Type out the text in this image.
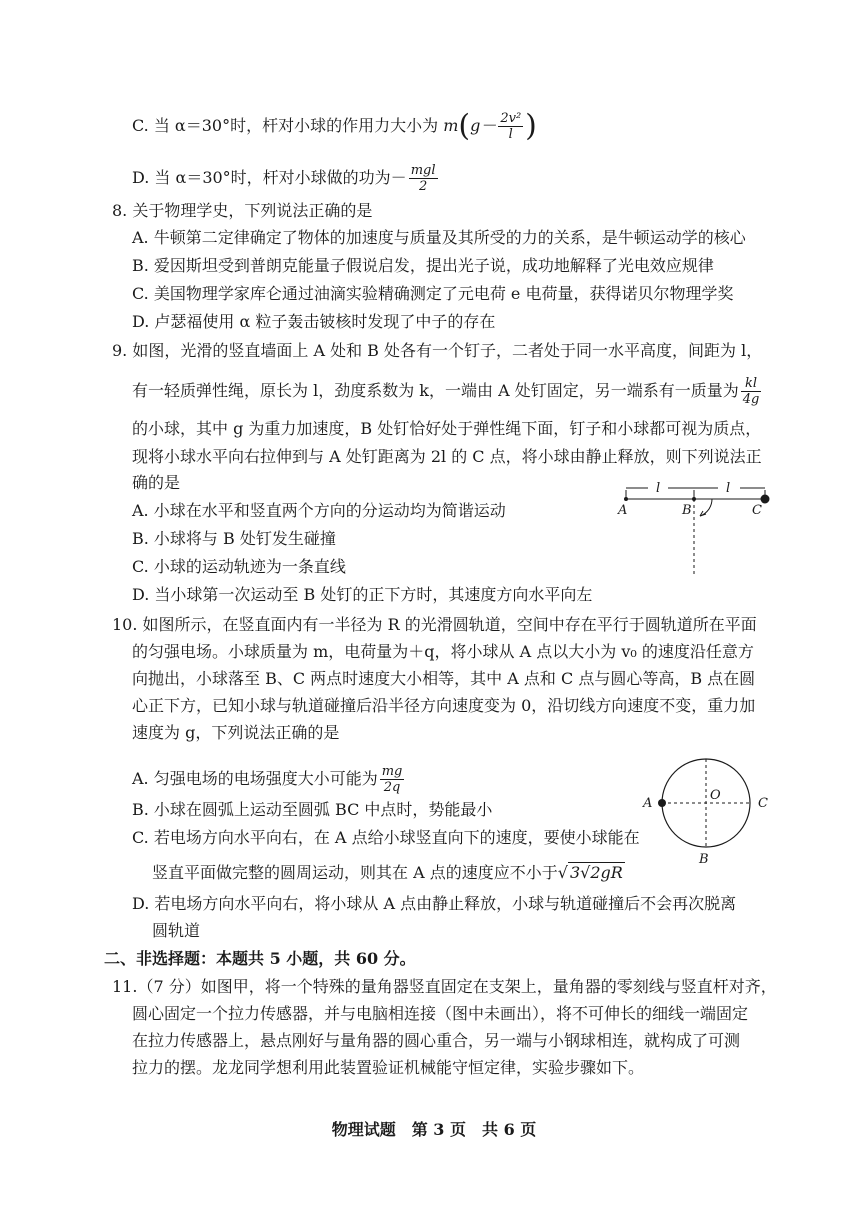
C. 当 α＝30°时，杆对小球的作用力大小为 $m(g- \frac{\text{2v²}}{l}$ )
D. 当 α＝30°时，杆对小球做的功为－ $\frac{\text{mgl}}{2}$
8. 关于物理学史，下列说法正确的是
A. 牛顿第二定律确定了物体的加速度与质量及其所受的力的关系，是牛顿运动学的核心
B. 爱因斯坦受到普朗克能量子假说启发，提出光子说，成功地解释了光电效应规律
C. 美国物理学家库仑通过油滴实验精确测定了元电荷 e 电荷量，获得诺贝尔物理学奖
D. 卢瑟福使用 α 粒子轰击铍核时发现了中子的存在
9. 如图，光滑的竖直墙面上 A 处和 B 处各有一个钉子，二者处于同一水平高度，间距为 l，
有一轻质弹性绳，原长为 l，劲度系数为 k，一端由 A 处钉固定，另一端系有一质量为 $\frac{kl}{4g}$
的小球，其中 g 为重力加速度，B 处钉恰好处于弹性绳下面，钉子和小球都可视为质点，
现将小球水平向右拉伸到与 A 处钉距离为 2l 的 C 点，将小球由静止释放，则下列说法正
确的是
A. 小球在水平和竖直两个方向的分运动均为简谐运动
B. 小球将与 B 处钉发生碰撞
C. 小球的运动轨迹为一条直线
D. 当小球第一次运动至 B 处钉的正下方时，其速度方向水平向左
l	l
A	B	C
10. 如图所示，在竖直面内有一半径为 R 的光滑圆轨道，空间中存在平行于圆轨道所在平面
的匀强电场。小球质量为 m，电荷量为＋q，将小球从 A 点以大小为 v₀ 的速度沿任意方
向抛出，小球落至 B、C 两点时速度大小相等，其中 A 点和 C 点与圆心等高，B 点在圆
心正下方，已知小球与轨道碰撞后沿半径方向速度变为 0，沿切线方向速度不变，重力加
速度为 g，下列说法正确的是
A. 匀强电场的电场强度大小可能为 $\frac{mg}{2q}$
B. 小球在圆弧上运动至圆弧 BC 中点时，势能最小
C. 若电场方向水平向右，在 A 点给小球竖直向下的速度，要使小球能在
竖直平面做完整的圆周运动，则其在 A 点的速度应不小于√ 3√2gR
D. 若电场方向水平向右，将小球从 A 点由静止释放，小球与轨道碰撞后不会再次脱离
圆轨道
A
O
C
B
二、非选择题：本题共 5 小题，共 60 分。
11.（7 分）如图甲，将一个特殊的量角器竖直固定在支架上，量角器的零刻线与竖直杆对齐，
圆心固定一个拉力传感器，并与电脑相连接（图中未画出），将不可伸长的细线一端固定
在拉力传感器上，悬点刚好与量角器的圆心重合，另一端与小钢球相连，就构成了可测
拉力的摆。龙龙同学想利用此装置验证机械能守恒定律，实验步骤如下。
物理试题　第 3 页　共 6 页
